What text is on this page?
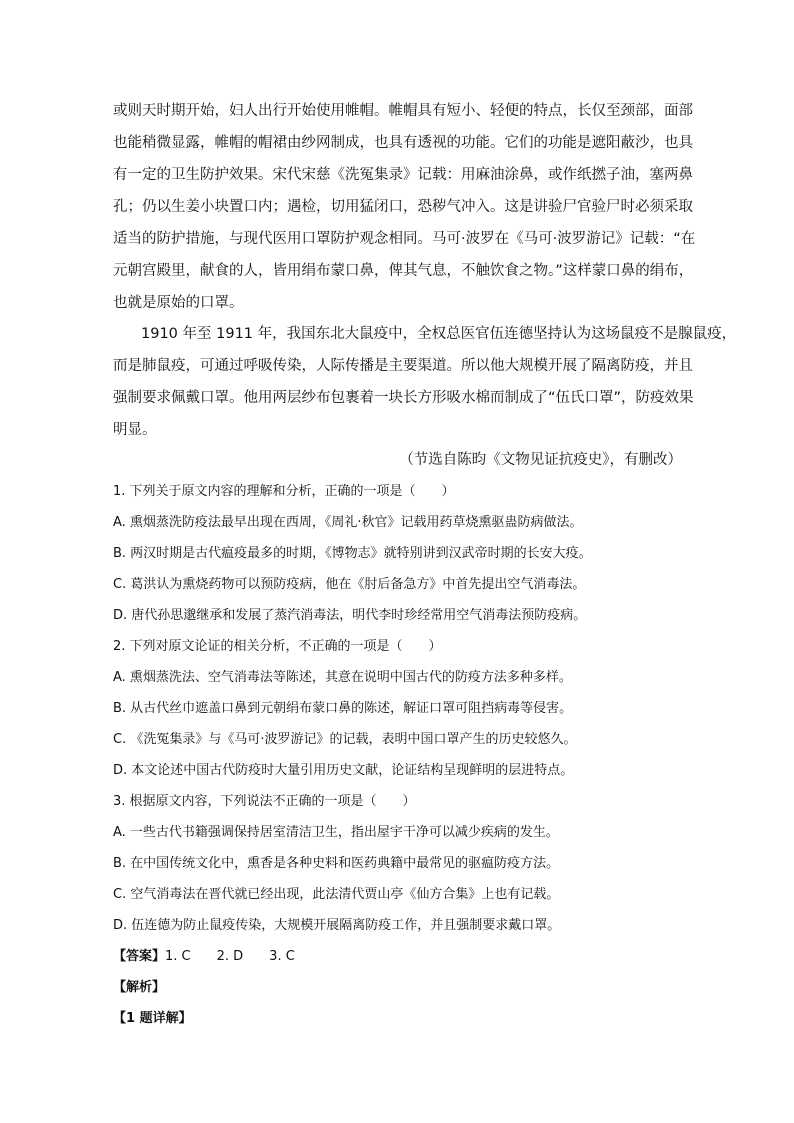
或则天时期开始，妇人出行开始使用帷帽。帷帽具有短小、轻便的特点，长仅至颈部，面部
也能稍微显露，帷帽的帽裙由纱网制成，也具有透视的功能。它们的功能是遮阳蔽沙，也具
有一定的卫生防护效果。宋代宋慈《洗冤集录》记载：用麻油涂鼻，或作纸撚子油，塞两鼻
孔；仍以生姜小块置口内；遇检，切用猛闭口，恐秽气冲入。这是讲验尸官验尸时必须采取
适当的防护措施，与现代医用口罩防护观念相同。马可·波罗在《马可·波罗游记》记载：“在
元朝宫殿里，献食的人，皆用绢布蒙口鼻，俾其气息，不触饮食之物。”这样蒙口鼻的绢布，
也就是原始的口罩。
1910 年至 1911 年，我国东北大鼠疫中，全权总医官伍连德坚持认为这场鼠疫不是腺鼠疫，
而是肺鼠疫，可通过呼吸传染，人际传播是主要渠道。所以他大规模开展了隔离防疫，并且
强制要求佩戴口罩。他用两层纱布包裹着一块长方形吸水棉而制成了“伍氏口罩”，防疫效果
明显。
（节选自陈昀《文物见证抗疫史》，有删改）
1. 下列关于原文内容的理解和分析，正确的一项是（　　）
A. 熏烟蒸洗防疫法最早出现在西周，《周礼·秋官》记载用药草烧熏驱蛊防病做法。
B. 两汉时期是古代瘟疫最多的时期，《博物志》就特别讲到汉武帝时期的长安大疫。
C. 葛洪认为熏烧药物可以预防疫病，他在《肘后备急方》中首先提出空气消毒法。
D. 唐代孙思邈继承和发展了蒸汽消毒法，明代李时珍经常用空气消毒法预防疫病。
2. 下列对原文论证的相关分析，不正确的一项是（　　）
A. 熏烟蒸洗法、空气消毒法等陈述，其意在说明中国古代的防疫方法多种多样。
B. 从古代丝巾遮盖口鼻到元朝绢布蒙口鼻的陈述，解证口罩可阻挡病毒等侵害。
C. 《洗冤集录》与《马可·波罗游记》的记载，表明中国口罩产生的历史较悠久。
D. 本文论述中国古代防疫时大量引用历史文献，论证结构呈现鲜明的层进特点。
3. 根据原文内容，下列说法不正确的一项是（　　）
A. 一些古代书籍强调保持居室清洁卫生，指出屋宇干净可以减少疾病的发生。
B. 在中国传统文化中，熏香是各种史料和医药典籍中最常见的驱瘟防疫方法。
C. 空气消毒法在晋代就已经出现，此法清代贾山亭《仙方合集》上也有记载。
D. 伍连德为防止鼠疫传染，大规模开展隔离防疫工作，并且强制要求戴口罩。
【答案】1. C　　2. D　　3. C
【解析】
【1 题详解】
